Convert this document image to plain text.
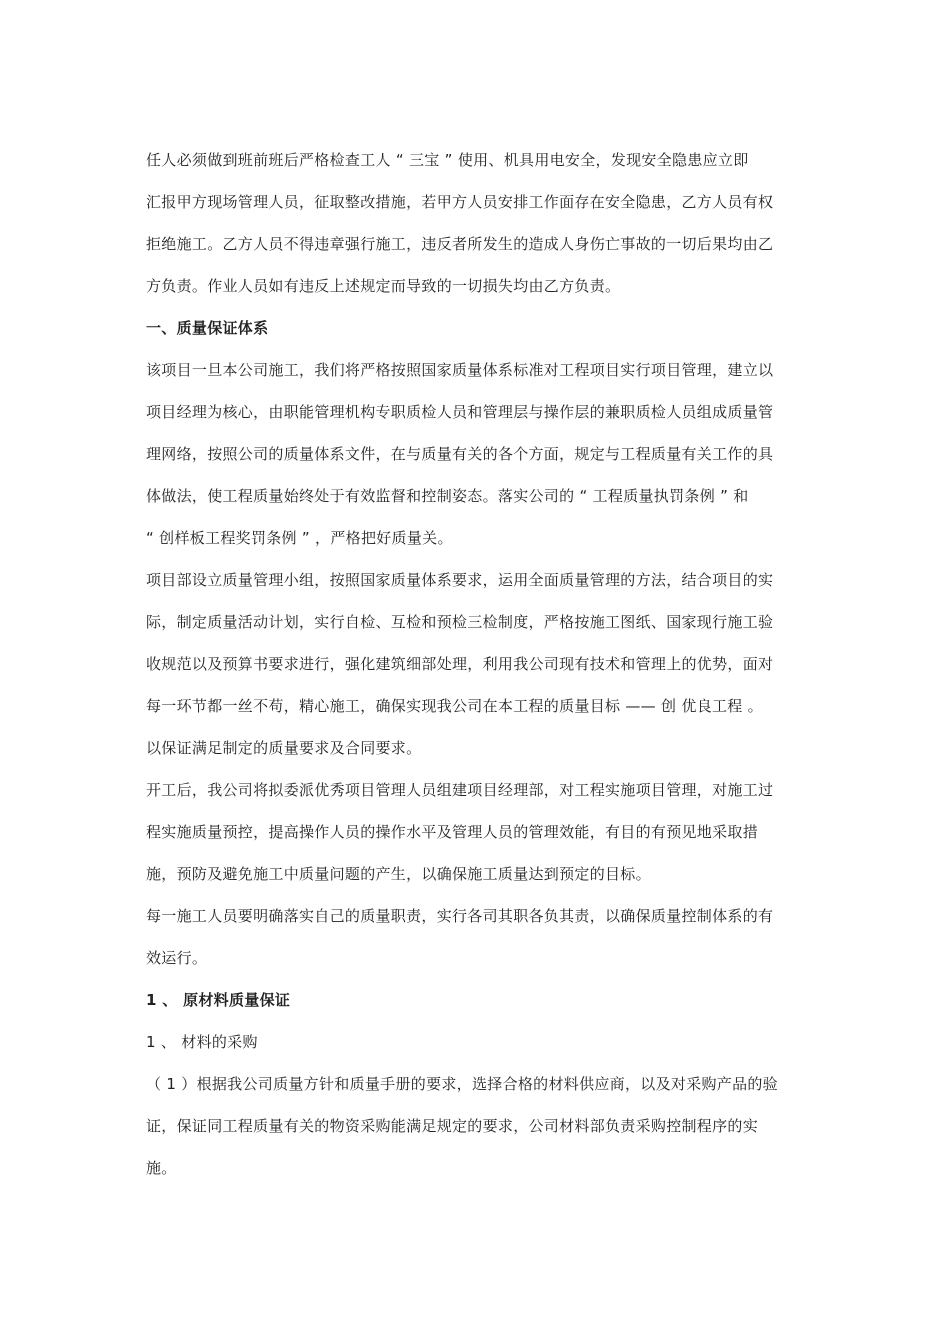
任人必须做到班前班后严格检查工人 “ 三宝 ” 使用、机具用电安全，发现安全隐患应立即
汇报甲方现场管理人员，征取整改措施，若甲方人员安排工作面存在安全隐患，乙方人员有权
拒绝施工。乙方人员不得违章强行施工，违反者所发生的造成人身伤亡事故的一切后果均由乙
方负责。作业人员如有违反上述规定而导致的一切损失均由乙方负责。
一、质量保证体系
该项目一旦本公司施工，我们将严格按照国家质量体系标准对工程项目实行项目管理，建立以
项目经理为核心，由职能管理机构专职质检人员和管理层与操作层的兼职质检人员组成质量管
理网络，按照公司的质量体系文件，在与质量有关的各个方面，规定与工程质量有关工作的具
体做法，使工程质量始终处于有效监督和控制姿态。落实公司的 “ 工程质量执罚条例 ” 和
“ 创样板工程奖罚条例 ” ，严格把好质量关。
项目部设立质量管理小组，按照国家质量体系要求，运用全面质量管理的方法，结合项目的实
际，制定质量活动计划，实行自检、互检和预检三检制度，严格按施工图纸、国家现行施工验
收规范以及预算书要求进行，强化建筑细部处理，利用我公司现有技术和管理上的优势，面对
每一环节都一丝不苟，精心施工，确保实现我公司在本工程的质量目标 —— 创 优良工程 。
以保证满足制定的质量要求及合同要求。
开工后，我公司将拟委派优秀项目管理人员组建项目经理部，对工程实施项目管理，对施工过
程实施质量预控，提高操作人员的操作水平及管理人员的管理效能，有目的有预见地采取措
施，预防及避免施工中质量问题的产生，以确保施工质量达到预定的目标。
每一施工人员要明确落实自己的质量职责，实行各司其职各负其责，以确保质量控制体系的有
效运行。
1 、 原材料质量保证
1 、 材料的采购
（ 1 ）根据我公司质量方针和质量手册的要求，选择合格的材料供应商，以及对采购产品的验
证，保证同工程质量有关的物资采购能满足规定的要求，公司材料部负责采购控制程序的实
施。
